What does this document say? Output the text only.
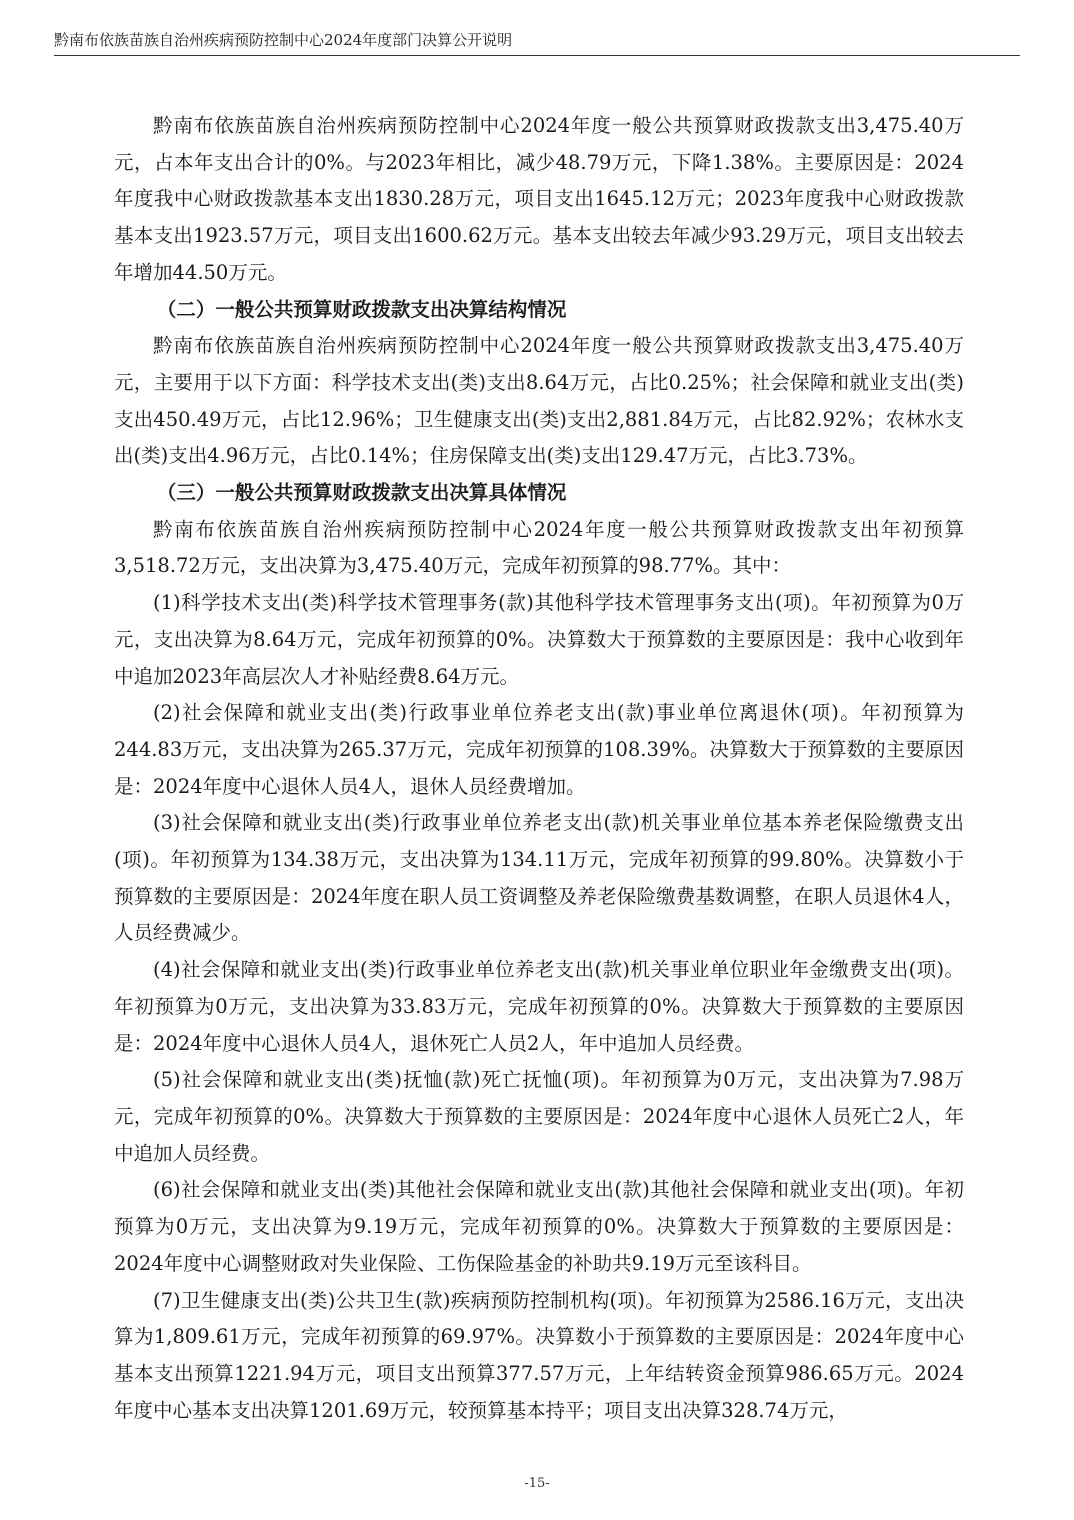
黔南布依族苗族自治州疾病预防控制中心2024年度部门决算公开说明

黔南布依族苗族自治州疾病预防控制中心2024年度一般公共预算财政拨款支出3,475.40万元，占本年支出合计的0%。与2023年相比，减少48.79万元，下降1.38%。主要原因是：2024年度我中心财政拨款基本支出1830.28万元，项目支出1645.12万元；2023年度我中心财政拨款基本支出1923.57万元，项目支出1600.62万元。基本支出较去年减少93.29万元，项目支出较去年增加44.50万元。

（二）一般公共预算财政拨款支出决算结构情况

黔南布依族苗族自治州疾病预防控制中心2024年度一般公共预算财政拨款支出3,475.40万元，主要用于以下方面：科学技术支出(类)支出8.64万元，占比0.25%；社会保障和就业支出(类)支出450.49万元，占比12.96%；卫生健康支出(类)支出2,881.84万元，占比82.92%；农林水支出(类)支出4.96万元，占比0.14%；住房保障支出(类)支出129.47万元，占比3.73%。

（三）一般公共预算财政拨款支出决算具体情况

黔南布依族苗族自治州疾病预防控制中心2024年度一般公共预算财政拨款支出年初预算3,518.72万元，支出决算为3,475.40万元，完成年初预算的98.77%。其中：

(1)科学技术支出(类)科学技术管理事务(款)其他科学技术管理事务支出(项)。年初预算为0万元，支出决算为8.64万元，完成年初预算的0%。决算数大于预算数的主要原因是：我中心收到年中追加2023年高层次人才补贴经费8.64万元。

(2)社会保障和就业支出(类)行政事业单位养老支出(款)事业单位离退休(项)。年初预算为244.83万元，支出决算为265.37万元，完成年初预算的108.39%。决算数大于预算数的主要原因是：2024年度中心退休人员4人，退休人员经费增加。

(3)社会保障和就业支出(类)行政事业单位养老支出(款)机关事业单位基本养老保险缴费支出(项)。年初预算为134.38万元，支出决算为134.11万元，完成年初预算的99.80%。决算数小于预算数的主要原因是：2024年度在职人员工资调整及养老保险缴费基数调整，在职人员退休4人，人员经费减少。

(4)社会保障和就业支出(类)行政事业单位养老支出(款)机关事业单位职业年金缴费支出(项)。年初预算为0万元，支出决算为33.83万元，完成年初预算的0%。决算数大于预算数的主要原因是：2024年度中心退休人员4人，退休死亡人员2人，年中追加人员经费。

(5)社会保障和就业支出(类)抚恤(款)死亡抚恤(项)。年初预算为0万元，支出决算为7.98万元，完成年初预算的0%。决算数大于预算数的主要原因是：2024年度中心退休人员死亡2人，年中追加人员经费。

(6)社会保障和就业支出(类)其他社会保障和就业支出(款)其他社会保障和就业支出(项)。年初预算为0万元，支出决算为9.19万元，完成年初预算的0%。决算数大于预算数的主要原因是：2024年度中心调整财政对失业保险、工伤保险基金的补助共9.19万元至该科目。

(7)卫生健康支出(类)公共卫生(款)疾病预防控制机构(项)。年初预算为2586.16万元，支出决算为1,809.61万元，完成年初预算的69.97%。决算数小于预算数的主要原因是：2024年度中心基本支出预算1221.94万元，项目支出预算377.57万元，上年结转资金预算986.65万元。2024年度中心基本支出决算1201.69万元，较预算基本持平；项目支出决算328.74万元，

-15-
